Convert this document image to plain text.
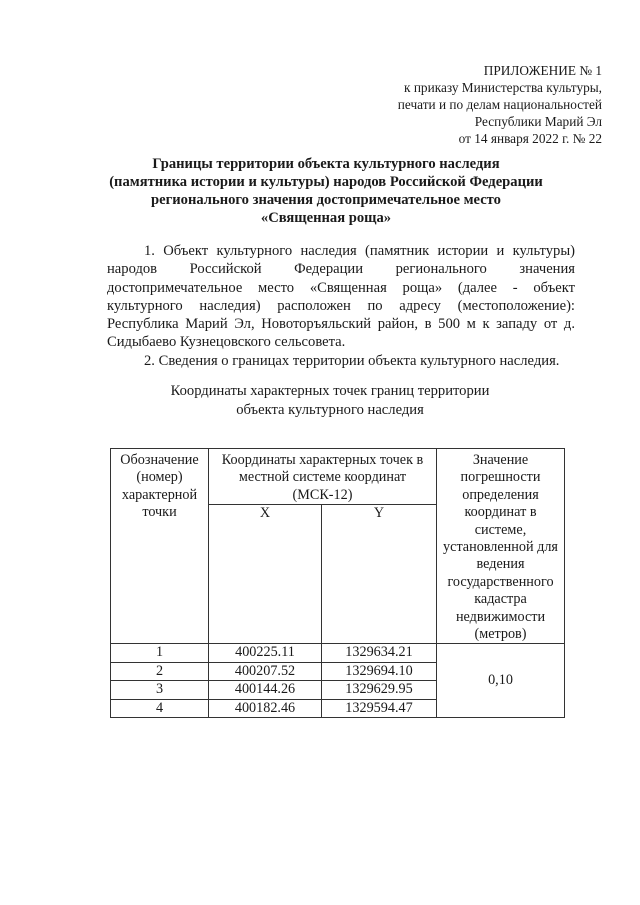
ПРИЛОЖЕНИЕ № 1
к приказу Министерства культуры,
печати и по делам национальностей
Республики Марий Эл
от 14 января 2022 г. № 22
Границы территории объекта культурного наследия
(памятника истории и культуры) народов Российской Федерации
регионального значения достопримечательное место
«Священная роща»

1. Объект культурного наследия (памятник истории и культуры) народов Российской Федерации регионального значения достопримечательное место «Священная роща» (далее - объект культурного наследия) расположен по адресу (местоположение): Республика Марий Эл, Новоторъяльский район, в 500 м к западу от д. Сидыбаево Кузнецовского сельсовета.

2. Сведения о границах территории объекта культурного наследия.

Координаты характерных точек границ территории
объекта культурного наследия
Обозначение (номер) характерной точки	Координаты характерных точек в местной системе координат (МСК-12)		Значение погрешности определения координат в системе, установленной для ведения государственного кадастра недвижимости (метров)
	X	Y	
1	400225.11	1329634.21	0,10
2	400207.52	1329694.10	
3	400144.26	1329629.95	
4	400182.46	1329594.47	
